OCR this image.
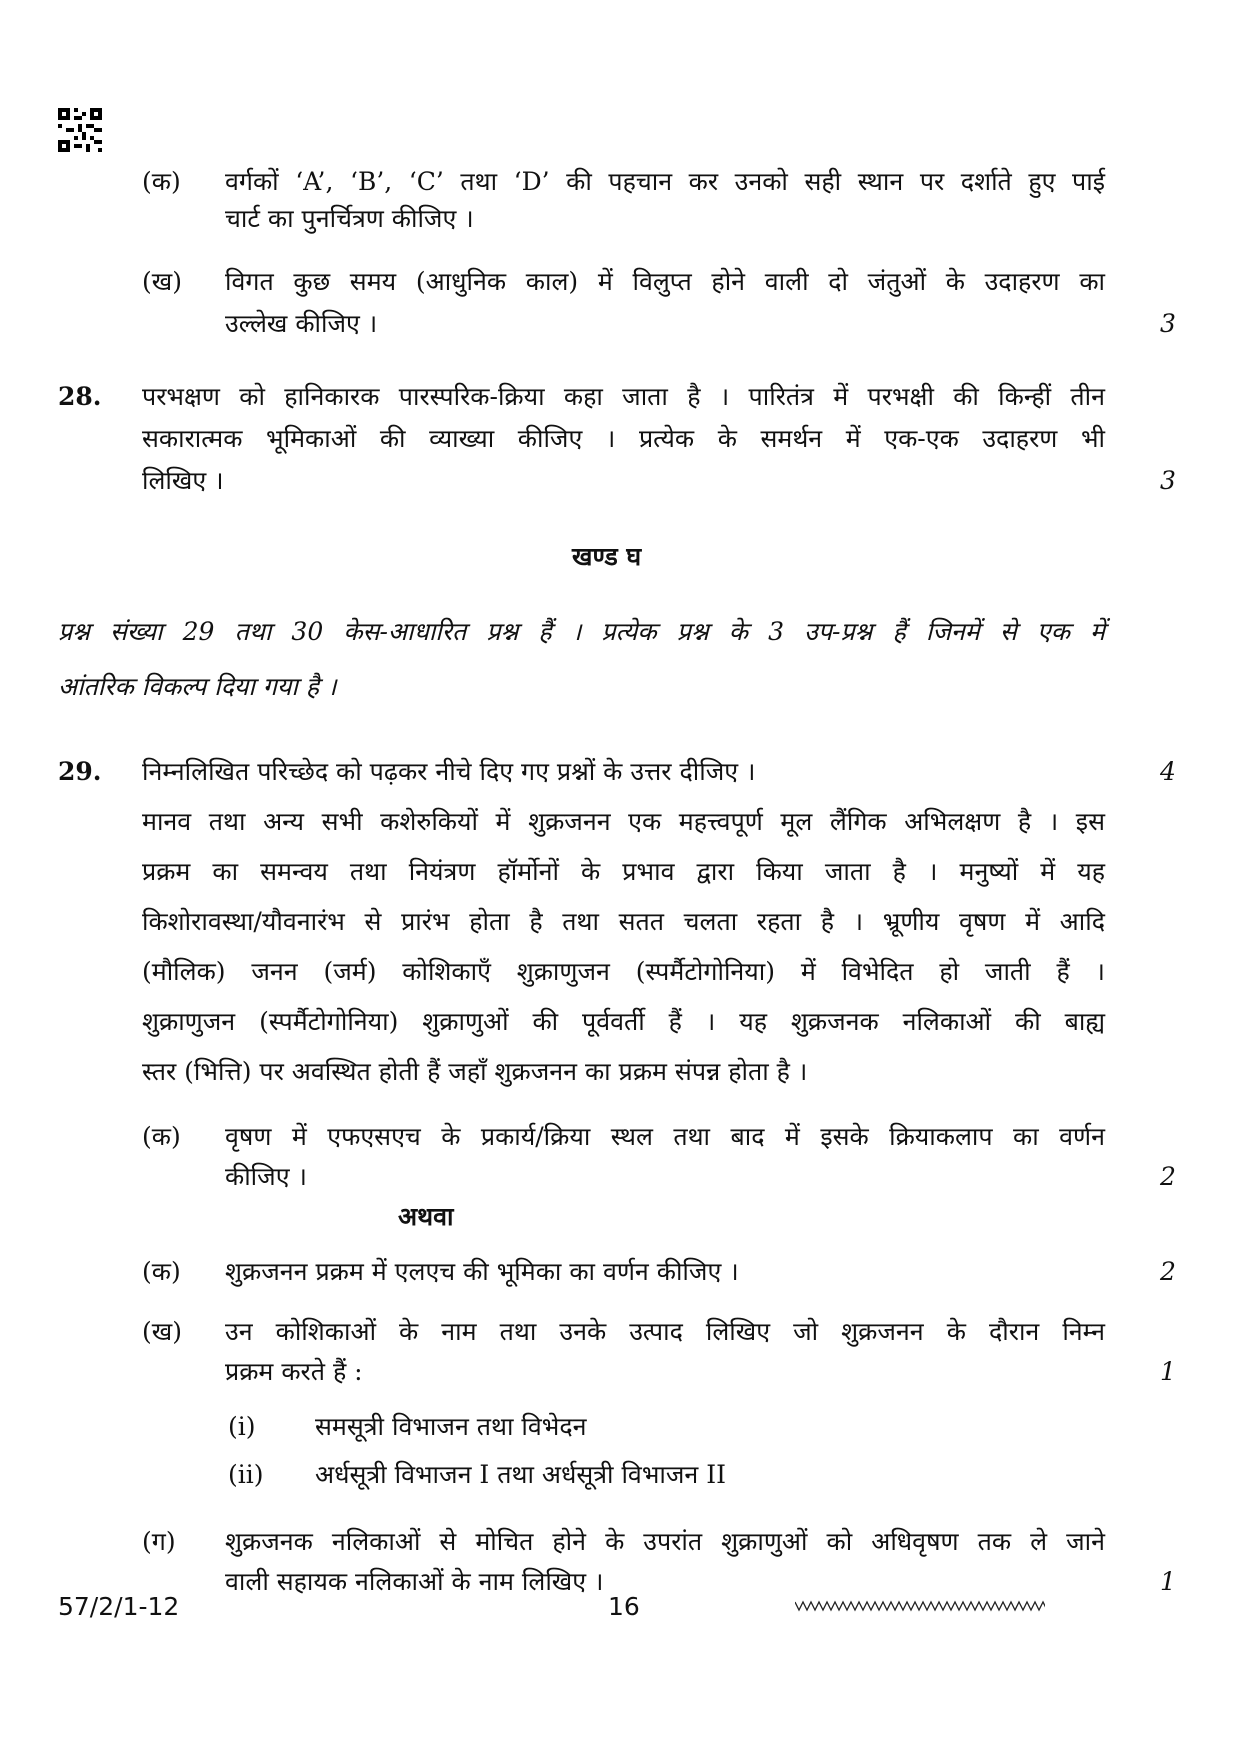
(क) वर्गकों ‘A’, ‘B’, ‘C’ तथा ‘D’ की पहचान कर उनको सही स्थान पर दर्शाते हुए पाई
चार्ट का पुनर्चित्रण कीजिए ।
(ख) विगत कुछ समय (आधुनिक काल) में विलुप्त होने वाली दो जंतुओं के उदाहरण का
उल्लेख कीजिए ।	3
28. परभक्षण को हानिकारक पारस्परिक-क्रिया कहा जाता है । पारितंत्र में परभक्षी की किन्हीं तीन
सकारात्मक भूमिकाओं की व्याख्या कीजिए । प्रत्येक के समर्थन में एक-एक उदाहरण भी
लिखिए ।	3
खण्ड घ
प्रश्न संख्या 29 तथा 30 केस-आधारित प्रश्न हैं । प्रत्येक प्रश्न के 3 उप-प्रश्न हैं जिनमें से एक में
आंतरिक विकल्प दिया गया है ।
29. निम्नलिखित परिच्छेद को पढ़कर नीचे दिए गए प्रश्नों के उत्तर दीजिए ।	4
मानव तथा अन्य सभी कशेरुकियों में शुक्रजनन एक महत्त्वपूर्ण मूल लैंगिक अभिलक्षण है । इस
प्रक्रम का समन्वय तथा नियंत्रण हॉर्मोनों के प्रभाव द्वारा किया जाता है । मनुष्यों में यह
किशोरावस्था/यौवनारंभ से प्रारंभ होता है तथा सतत चलता रहता है । भ्रूणीय वृषण में आदि
(मौलिक) जनन (जर्म) कोशिकाएँ शुक्राणुजन (स्पर्मैटोगोनिया) में विभेदित हो जाती हैं ।
शुक्राणुजन (स्पर्मैटोगोनिया) शुक्राणुओं की पूर्ववर्ती हैं । यह शुक्रजनक नलिकाओं की बाह्य
स्तर (भित्ति) पर अवस्थित होती हैं जहाँ शुक्रजनन का प्रक्रम संपन्न होता है ।
(क) वृषण में एफएसएच के प्रकार्य/क्रिया स्थल तथा बाद में इसके क्रियाकलाप का वर्णन
कीजिए ।	2
अथवा
(क) शुक्रजनन प्रक्रम में एलएच की भूमिका का वर्णन कीजिए ।	2
(ख) उन कोशिकाओं के नाम तथा उनके उत्पाद लिखिए जो शुक्रजनन के दौरान निम्न
प्रक्रम करते हैं :	1
(i) समसूत्री विभाजन तथा विभेदन
(ii) अर्धसूत्री विभाजन I तथा अर्धसूत्री विभाजन II
(ग) शुक्रजनक नलिकाओं से मोचित होने के उपरांत शुक्राणुओं को अधिवृषण तक ले जाने
वाली सहायक नलिकाओं के नाम लिखिए ।	1
57/2/1-12	16
